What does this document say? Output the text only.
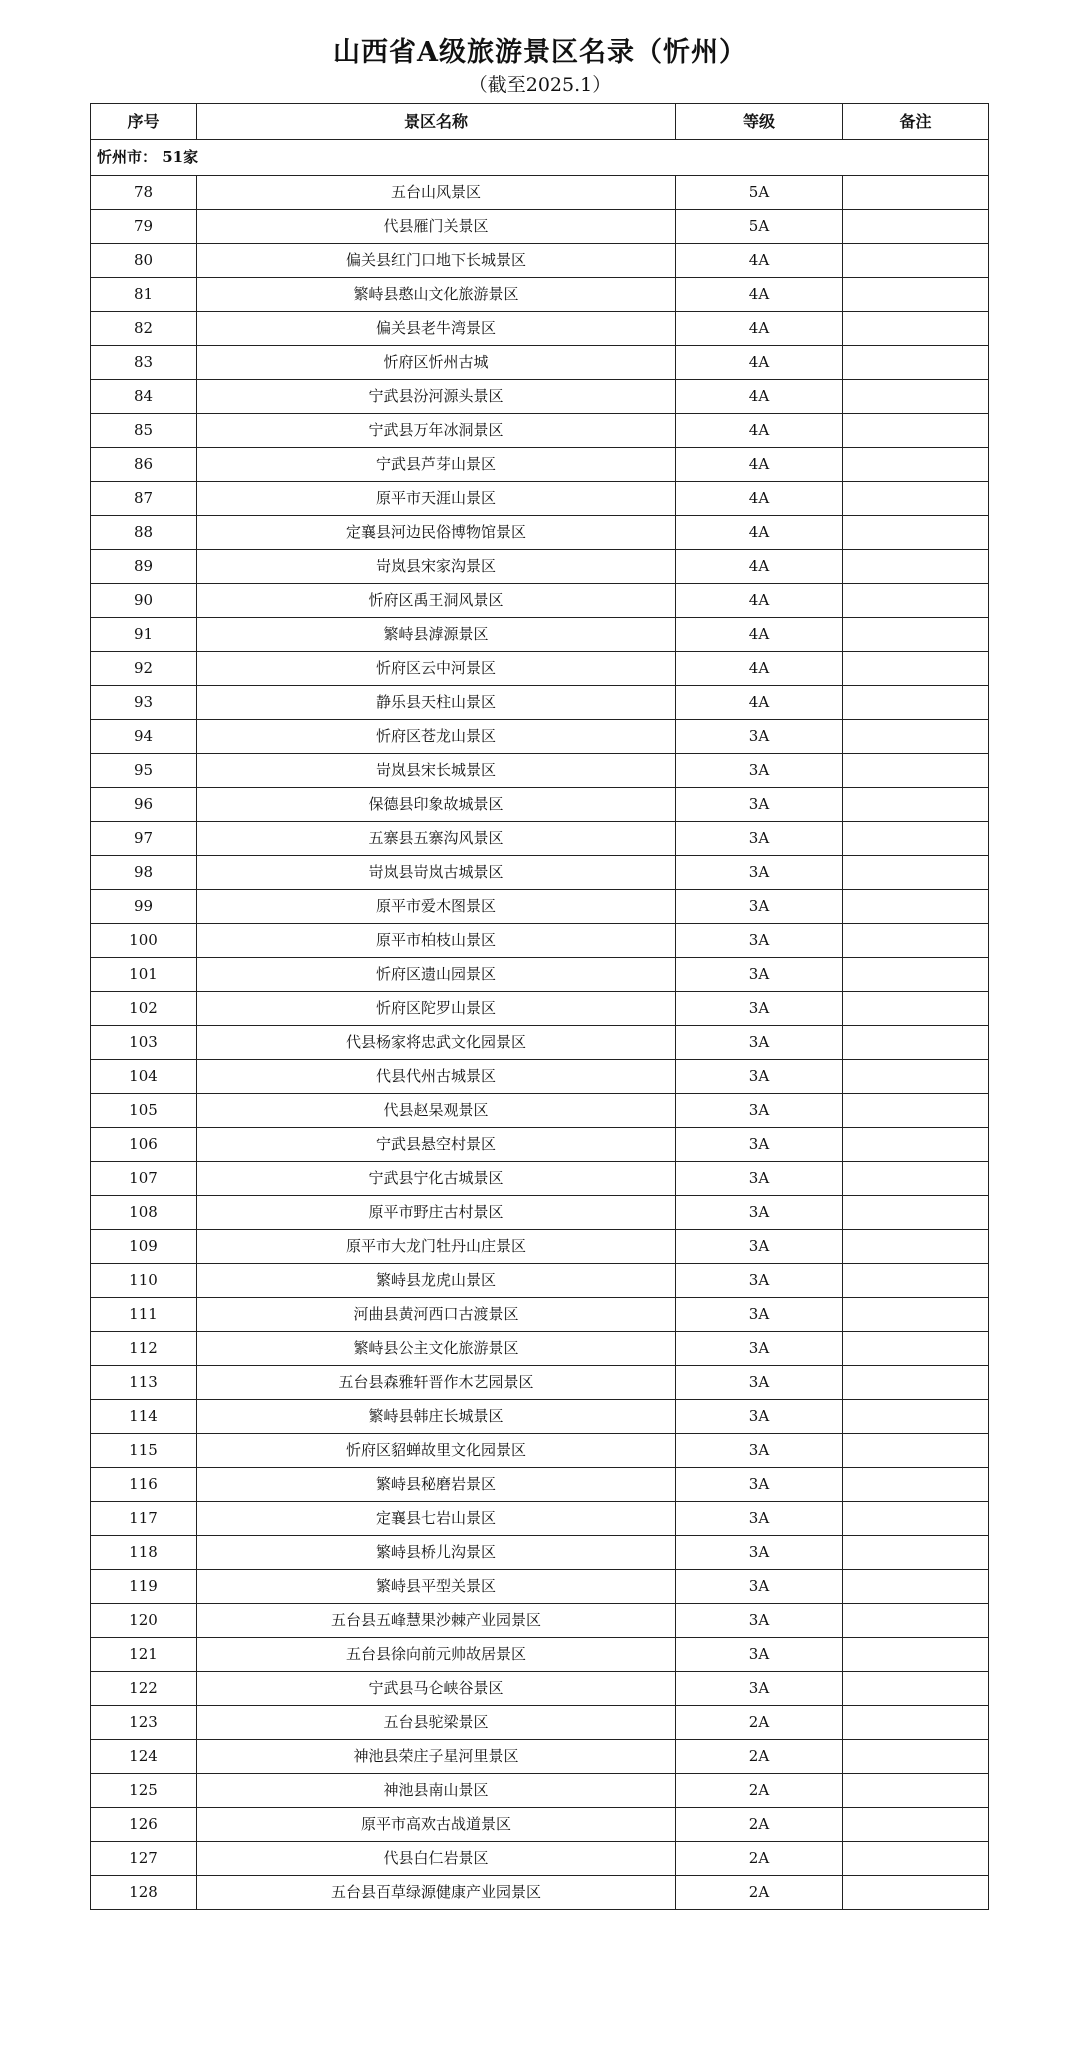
山西省A级旅游景区名录（忻州）
（截至2025.1）
序号	景区名称	等级	备注
忻州市： 51家			
78	五台山风景区	5A	
79	代县雁门关景区	5A	
80	偏关县红门口地下长城景区	4A	
81	繁峙县憨山文化旅游景区	4A	
82	偏关县老牛湾景区	4A	
83	忻府区忻州古城	4A	
84	宁武县汾河源头景区	4A	
85	宁武县万年冰洞景区	4A	
86	宁武县芦芽山景区	4A	
87	原平市天涯山景区	4A	
88	定襄县河边民俗博物馆景区	4A	
89	岢岚县宋家沟景区	4A	
90	忻府区禹王洞风景区	4A	
91	繁峙县滹源景区	4A	
92	忻府区云中河景区	4A	
93	静乐县天柱山景区	4A	
94	忻府区苍龙山景区	3A	
95	岢岚县宋长城景区	3A	
96	保德县印象故城景区	3A	
97	五寨县五寨沟风景区	3A	
98	岢岚县岢岚古城景区	3A	
99	原平市爱木图景区	3A	
100	原平市柏枝山景区	3A	
101	忻府区遗山园景区	3A	
102	忻府区陀罗山景区	3A	
103	代县杨家将忠武文化园景区	3A	
104	代县代州古城景区	3A	
105	代县赵杲观景区	3A	
106	宁武县悬空村景区	3A	
107	宁武县宁化古城景区	3A	
108	原平市野庄古村景区	3A	
109	原平市大龙门牡丹山庄景区	3A	
110	繁峙县龙虎山景区	3A	
111	河曲县黄河西口古渡景区	3A	
112	繁峙县公主文化旅游景区	3A	
113	五台县森雅轩晋作木艺园景区	3A	
114	繁峙县韩庄长城景区	3A	
115	忻府区貂蝉故里文化园景区	3A	
116	繁峙县秘磨岩景区	3A	
117	定襄县七岩山景区	3A	
118	繁峙县桥儿沟景区	3A	
119	繁峙县平型关景区	3A	
120	五台县五峰慧果沙棘产业园景区	3A	
121	五台县徐向前元帅故居景区	3A	
122	宁武县马仑峡谷景区	3A	
123	五台县驼梁景区	2A	
124	神池县荣庄子星河里景区	2A	
125	神池县南山景区	2A	
126	原平市高欢古战道景区	2A	
127	代县白仁岩景区	2A	
128	五台县百草绿源健康产业园景区	2A	
